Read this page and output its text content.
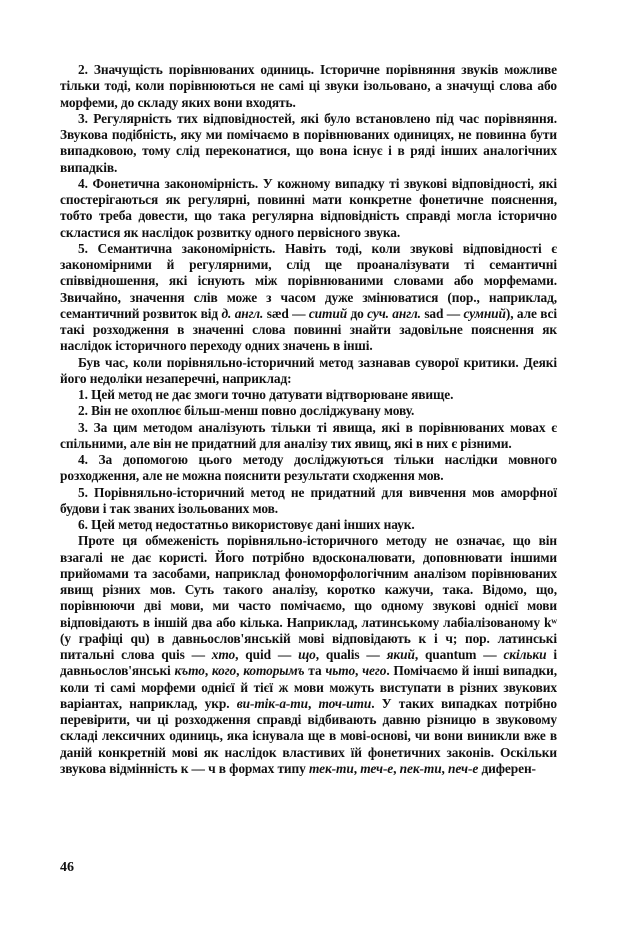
2. Значущість порівнюваних одиниць. Історичне порівняння звуків можливе тільки тоді, коли порівнюються не самі ці звуки ізольовано, а значущі слова або морфеми, до складу яких вони входять.

3. Регулярність тих відповідностей, які було встановлено під час порівняння. Звукова подібність, яку ми помічаємо в порівнюваних одиницях, не повинна бути випадковою, тому слід переконатися, що вона існує і в ряді інших аналогічних випадків.

4. Фонетична закономірність. У кожному випадку ті звукові відповідності, які спостерігаються як регулярні, повинні мати конкретне фонетичне пояснення, тобто треба довести, що така регулярна відповідність справді могла історично скластися як наслідок розвитку одного первісного звука.

5. Семантична закономірність. Навіть тоді, коли звукові відповідності є закономірними й регулярними, слід ще проаналізувати ті семантичні співвідношення, які існують між порівнюваними словами або морфемами. Звичайно, значення слів може з часом дуже змінюватися (пор., наприклад, семантичний розвиток від д. англ. sæd — ситий до суч. англ. sad — сумний), але всі такі розходження в значенні слова повинні знайти задовільне пояснення як наслідок історичного переходу одних значень в інші.

Був час, коли порівняльно-історичний метод зазнавав суворої критики. Деякі його недоліки незаперечні, наприклад:

1. Цей метод не дає змоги точно датувати відтворюване явище.

2. Він не охоплює більш-менш повно досліджувану мову.

3. За цим методом аналізують тільки ті явища, які в порівнюваних мовах є спільними, але він не придатний для аналізу тих явищ, які в них є різними.

4. За допомогою цього методу досліджуються тільки наслідки мовного розходження, але не можна пояснити результати сходження мов.

5. Порівняльно-історичний метод не придатний для вивчення мов аморфної будови і так званих ізольованих мов.

6. Цей метод недостатньо використовує дані інших наук.

Проте ця обмеженість порівняльно-історичного методу не означає, що він взагалі не дає користі. Його потрібно вдосконалювати, доповнювати іншими прийомами та засобами, наприклад фономорфологічним аналізом порівнюваних явищ різних мов. Суть такого аналізу, коротко кажучи, така. Відомо, що, порівнюючи дві мови, ми часто помічаємо, що одному звукові однієї мови відповідають в іншій два або кілька. Наприклад, латинському лабіалізованому kʷ (у графіці qu) в давньослов'янській мові відповідають к і ч; пор. латинські питальні слова quis — хто, quid — що, qualis — який, quantum — скільки і давньослов'янські къто, кого, которымъ та чьто, чего. Помічаємо й інші випадки, коли ті самі морфеми однієї й тієї ж мови можуть виступати в різних звукових варіантах, наприклад, укр. ви-тік-а-ти, точ-ити. У таких випадках потрібно перевірити, чи ці розходження справді відбивають давню різницю в звуковому складі лексичних одиниць, яка існувала ще в мові-основі, чи вони виникли вже в даній конкретній мові як наслідок властивих їй фонетичних законів. Оскільки звукова відмінність к — ч в формах типу тек-ти, теч-е, пек-ти, печ-е диферен-

46
